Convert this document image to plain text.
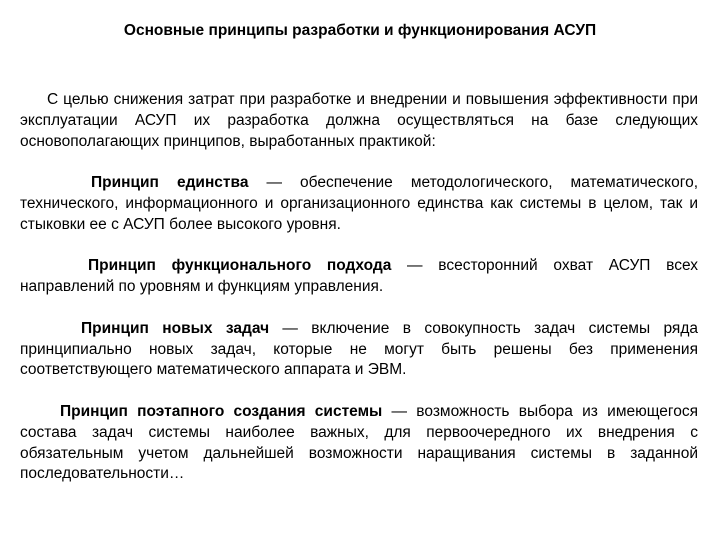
Основные принципы разработки и функционирования АСУП

С целью снижения затрат при разработке и внедрении и повышения эффективности при эксплуатации АСУП их разработка должна осуществляться на базе следующих основополагающих принципов, выработанных практикой:

Принцип единства — обеспечение методологического, математического, технического, информационного и организационного единства как системы в целом, так и стыковки ее с АСУП более высокого уровня.

Принцип функционального подхода — всесторонний охват АСУП всех направлений по уровням и функциям управления.

Принцип новых задач — включение в совокупность задач системы ряда принципиально новых задач, которые не могут быть решены без применения соответствующего математического аппарата и ЭВМ.

Принцип поэтапного создания системы — возможность выбора из имеющегося состава задач системы наиболее важных, для первоочередного их внедрения с обязательным учетом дальнейшей возможности наращивания системы в заданной последовательности…
